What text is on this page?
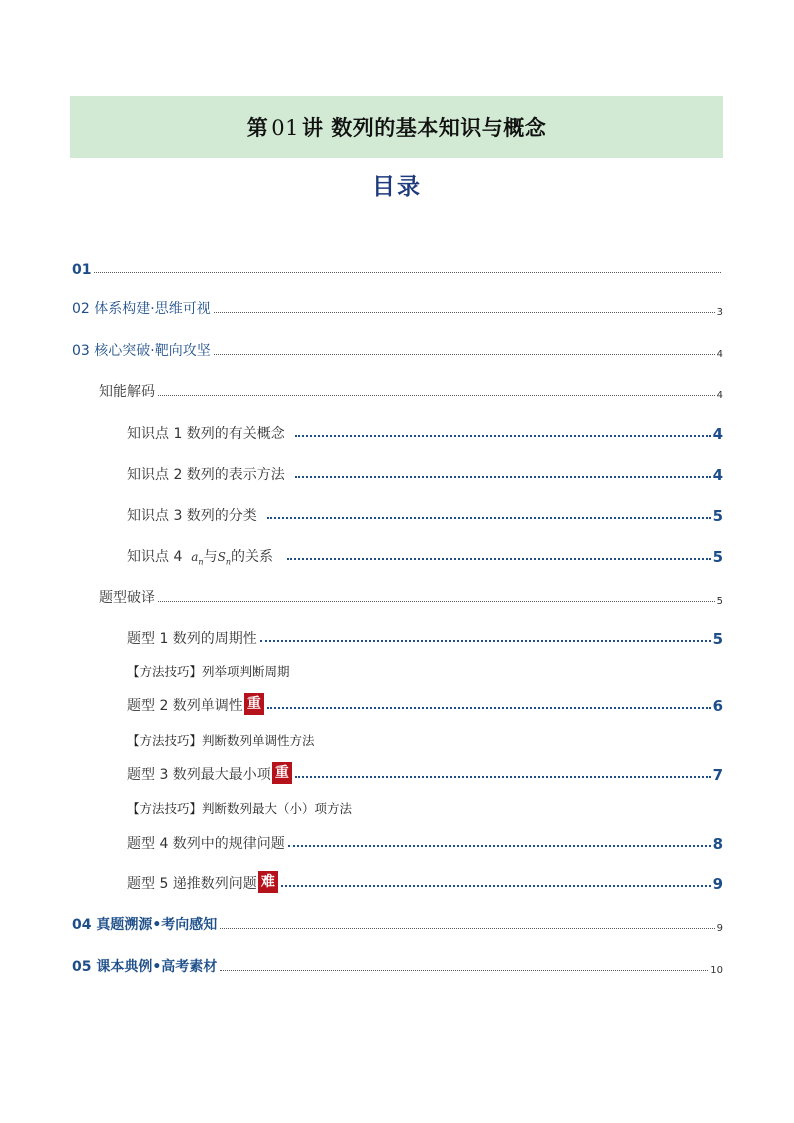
第 01 讲 数列的基本知识与概念
目录
01
02 体系构建·思维可视	3
03 核心突破·靶向攻坚	4
知能解码	4
知识点 1 数列的有关概念	4
知识点 2 数列的表示方法	4
知识点 3 数列的分类	5
知识点 4 $a_n$ 与 $S_n$ 的关系	5
题型破译	5
题型 1 数列的周期性	5
【方法技巧】列举项判断周期
题型 2 数列单调性 重	6
【方法技巧】判断数列单调性方法
题型 3 数列最大最小项 重	7
【方法技巧】判断数列最大（小）项方法
题型 4 数列中的规律问题	8
题型 5 递推数列问题 难	9
04 真题溯源•考向感知	9
05 课本典例•高考素材	10
